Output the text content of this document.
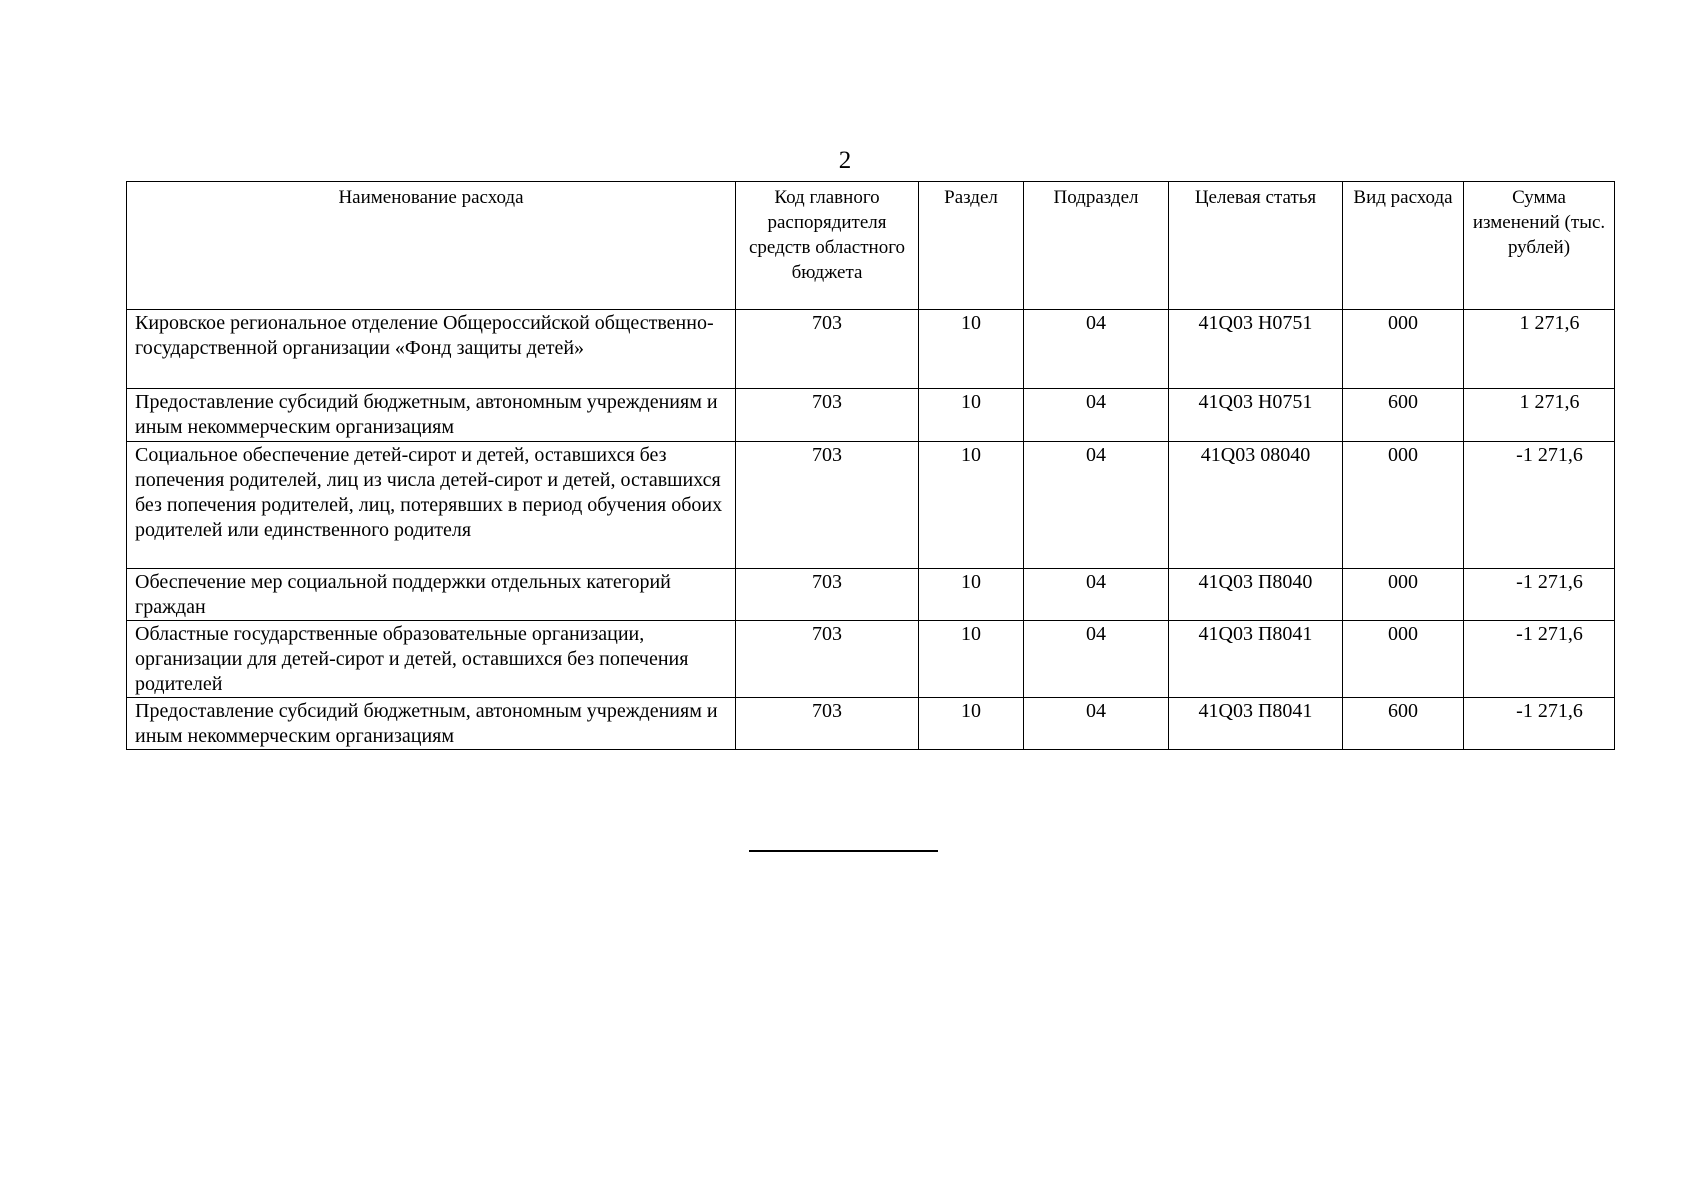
2
Наименование расхода	Код главного распорядителя средств областного бюджета	Раздел	Подраздел	Целевая статья	Вид расхода	Сумма изменений (тыс. рублей)
Кировское региональное отделение Общероссийской общественно-государственной организации «Фонд защиты детей»	703	10	04	41Q03 Н0751	000	1 271,6
Предоставление субсидий бюджетным, автономным учреждениям и иным некоммерческим организациям	703	10	04	41Q03 Н0751	600	1 271,6
Социальное обеспечение детей-сирот и детей, оставшихся без попечения родителей, лиц из числа детей-сирот и детей, оставшихся без попечения родителей, лиц, потерявших в период обучения обоих родителей или единственного родителя	703	10	04	41Q03 08040	000	-1 271,6
Обеспечение мер социальной поддержки отдельных категорий граждан	703	10	04	41Q03 П8040	000	-1 271,6
Областные государственные образовательные организации, организации для детей-сирот и детей, оставшихся без попечения родителей	703	10	04	41Q03 П8041	000	-1 271,6
Предоставление субсидий бюджетным, автономным учреждениям и иным некоммерческим организациям	703	10	04	41Q03 П8041	600	-1 271,6
